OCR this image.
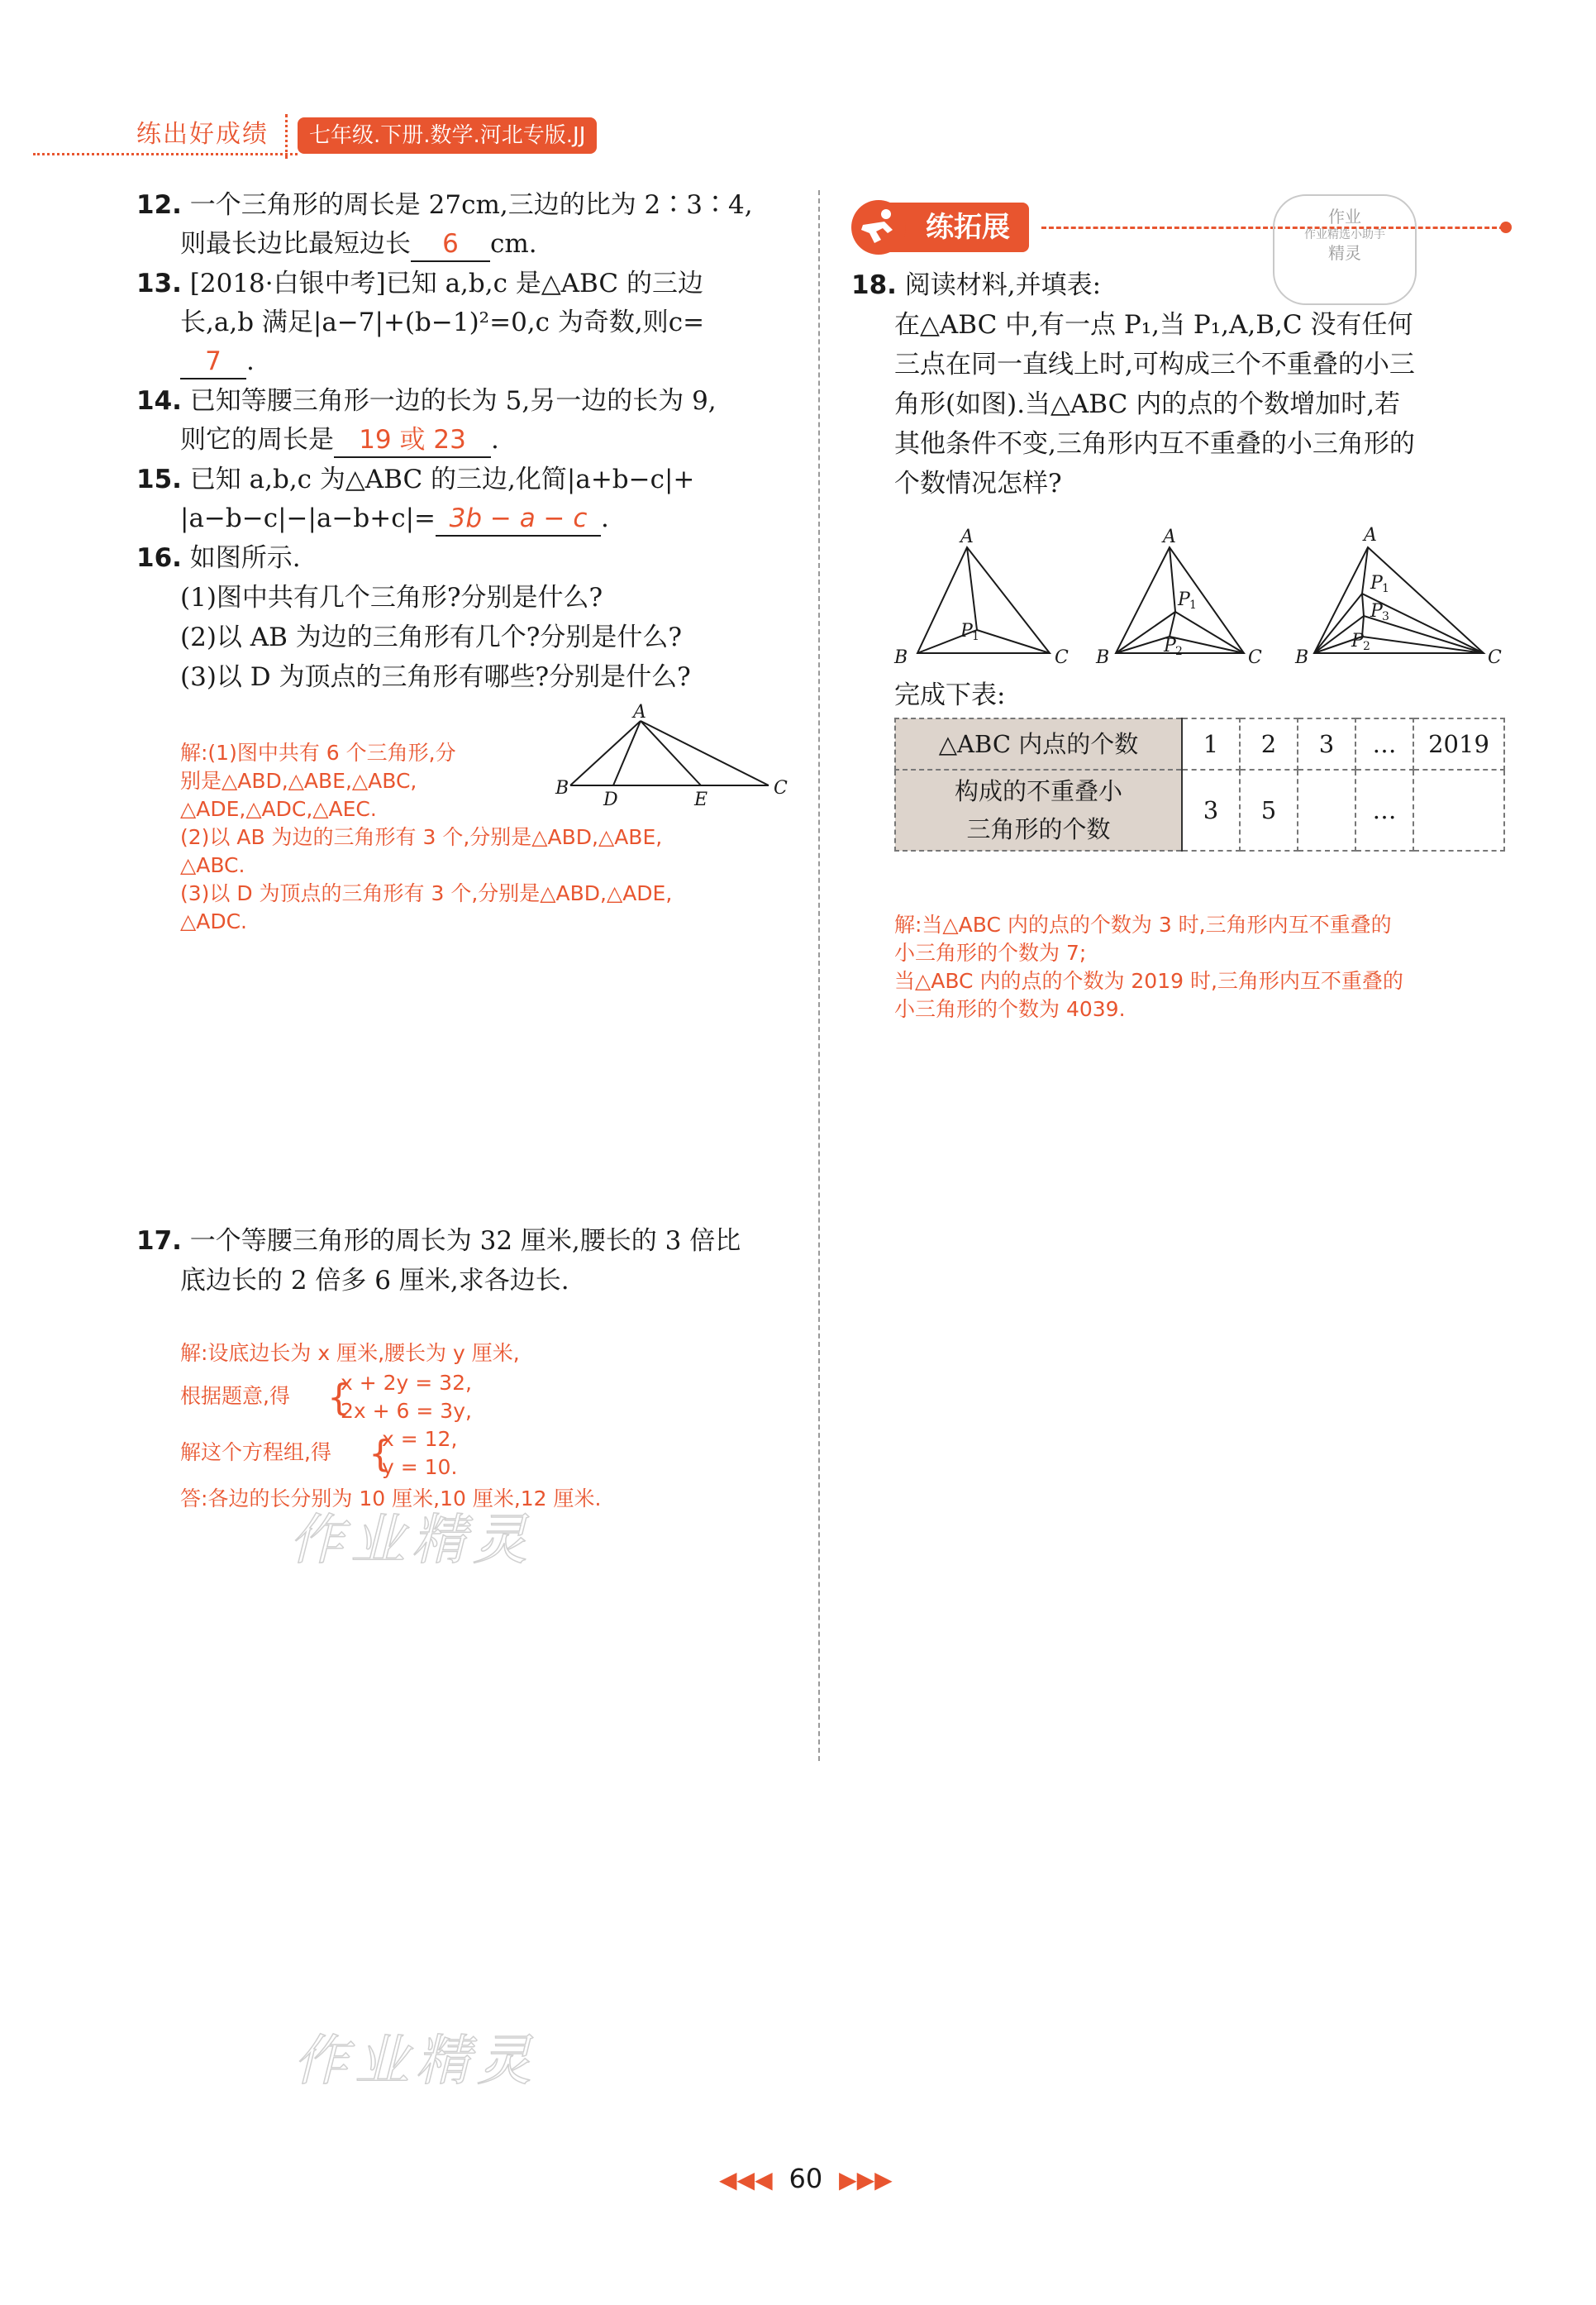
练出好成绩	七年级.下册.数学.河北专版.JJ
12. 一个三角形的周长是 27cm,三边的比为 2∶3∶4,
则最长边比最短边长 6 cm.
13. [2018·白银中考]已知 a,b,c 是△ABC 的三边
长,a,b 满足|a−7|+(b−1)²=0,c 为奇数,则c=
7 .
14. 已知等腰三角形一边的长为 5,另一边的长为 9,
则它的周长是 19 或 23 .
15. 已知 a,b,c 为△ABC 的三边,化简|a+b−c|+
|a−b−c|−|a−b+c|= 3b − a − c .
16. 如图所示.
(1)图中共有几个三角形?分别是什么?
(2)以 AB 为边的三角形有几个?分别是什么?
(3)以 D 为顶点的三角形有哪些?分别是什么?
A
B	C
D	E
解:(1)图中共有 6 个三角形,分
别是△ABD,△ABE,△ABC,
△ADE,△ADC,△AEC.
(2)以 AB 为边的三角形有 3 个,分别是△ABD,△ABE,
△ABC.
(3)以 D 为顶点的三角形有 3 个,分别是△ABD,△ADE,
△ADC.
17. 一个等腰三角形的周长为 32 厘米,腰长的 3 倍比
底边长的 2 倍多 6 厘米,求各边长.
解:设底边长为 x 厘米,腰长为 y 厘米,
根据题意,得 {
x + 2y = 32,
2x + 6 = 3y,
解这个方程组,得 {
x = 12,
y = 10.
答:各边的长分别为 10 厘米,10 厘米,12 厘米.
作业精灵
作业精灵
练拓展	作业
作业精选小助手
精灵
18. 阅读材料,并填表:
在△ABC 中,有一点 P₁,当 P₁,A,B,C 没有任何
三点在同一直线上时,可构成三个不重叠的小三
角形(如图).当△ABC 内的点的个数增加时,若
其他条件不变,三角形内互不重叠的小三角形的
个数情况怎样?
A
B	C
P
A
B	C
P
P
A
B	C
P
P
P
1
1
2
1
3
2
完成下表:
△ABC 内点的个数	1	2	3	…	2019

构成的不重叠小
三角形的个数	3	5		…	
解:当△ABC 内的点的个数为 3 时,三角形内互不重叠的
小三角形的个数为 7;
当△ABC 内的点的个数为 2019 时,三角形内互不重叠的
小三角形的个数为 4039.
◀◀◀ 60 ▶▶▶
